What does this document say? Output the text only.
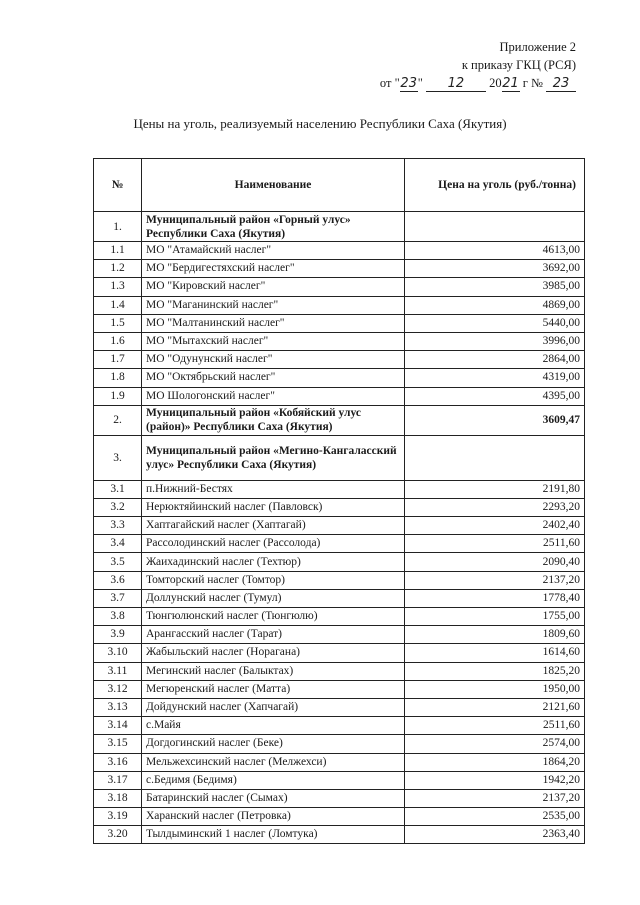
Приложение 2
к приказу ГКЦ (РСЯ)
от "23" 12 2021 г № 23
Цены на уголь, реализуемый населению Республики Саха (Якутия)
№	Наименование	Цена на уголь (руб./тонна)
1.	Муниципальный район «Горный улус» Республики Саха (Якутия)	
1.1	МО "Атамайский наслег"	4613,00
1.2	МО "Бердигестяхский наслег"	3692,00
1.3	МО "Кировский наслег"	3985,00
1.4	МО "Маганинский наслег"	4869,00
1.5	МО "Малтанинский наслег"	5440,00
1.6	МО "Мытахский наслег"	3996,00
1.7	МО "Одунунский наслег"	2864,00
1.8	МО "Октябрьский наслег"	4319,00
1.9	МО Шологонский наслег"	4395,00
2.	Муниципальный район «Кобяйский улус (район)» Республики Саха (Якутия)	3609,47
3.	Муниципальный район «Мегино-Кангаласский улус» Республики Саха (Якутия)	
3.1	п.Нижний-Бестях	2191,80
3.2	Нерюктяйинский наслег (Павловск)	2293,20
3.3	Хаптагайский наслег (Хаптагай)	2402,40
3.4	Рассолодинский наслег (Рассолода)	2511,60
3.5	Жаихадинский наслег (Техтюр)	2090,40
3.6	Томторский наслег (Томтор)	2137,20
3.7	Доллунский наслег (Тумул)	1778,40
3.8	Тюнгюлюнский наслег (Тюнгюлю)	1755,00
3.9	Арангасский наслег (Тарат)	1809,60
3.10	Жабыльский наслег (Норагана)	1614,60
3.11	Мегинский наслег (Балыктах)	1825,20
3.12	Мегюренский наслег (Матта)	1950,00
3.13	Дойдунский наслег (Хапчагай)	2121,60
3.14	с.Майя	2511,60
3.15	Догдогинский наслег (Беке)	2574,00
3.16	Мельжехсинский наслег (Мелжехси)	1864,20
3.17	с.Бедимя (Бедимя)	1942,20
3.18	Батаринский наслег (Сымах)	2137,20
3.19	Харанский наслег (Петровка)	2535,00
3.20	Тылдыминский 1 наслег (Ломтука)	2363,40
